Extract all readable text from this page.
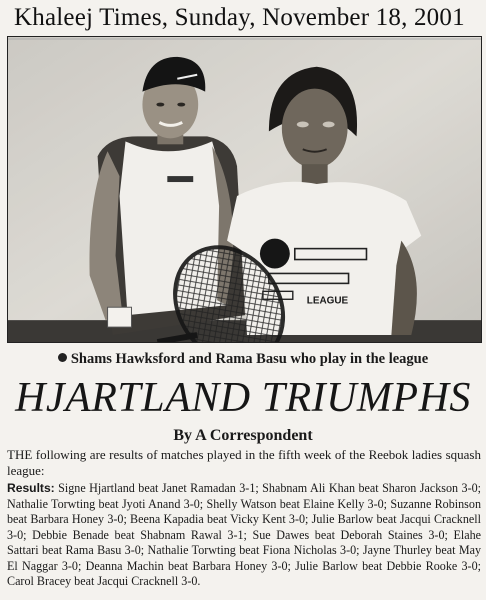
Khaleej Times, Sunday, November 18, 2001
LEAGUE
Shams Hawksford and Rama Basu who play in the league
HJARTLAND TRIUMPHS
By A Correspondent
THE following are results of matches played in the fifth week of the Reebok ladies squash league:
Results: Signe Hjartland beat Janet Ramadan 3-1; Shabnam Ali Khan beat Sharon Jackson 3-0; Nathalie Torwting beat Jyoti Anand 3-0; Shelly Watson beat Elaine Kelly 3-0; Suzanne Robinson beat Barbara Honey 3-0; Beena Kapadia beat Vicky Kent 3-0; Julie Barlow beat Jacqui Cracknell 3-0; Debbie Benade beat Shabnam Rawal 3-1; Sue Dawes beat Deborah Staines 3-0; Elahe Sattari beat Rama Basu 3-0; Nathalie Torwting beat Fiona Nicholas 3-0; Jayne Thurley beat May El Naggar 3-0; Deanna Machin beat Barbara Honey 3-0; Julie Barlow beat Debbie Rooke 3-0; Carol Bracey beat Jacqui Cracknell 3-0.
